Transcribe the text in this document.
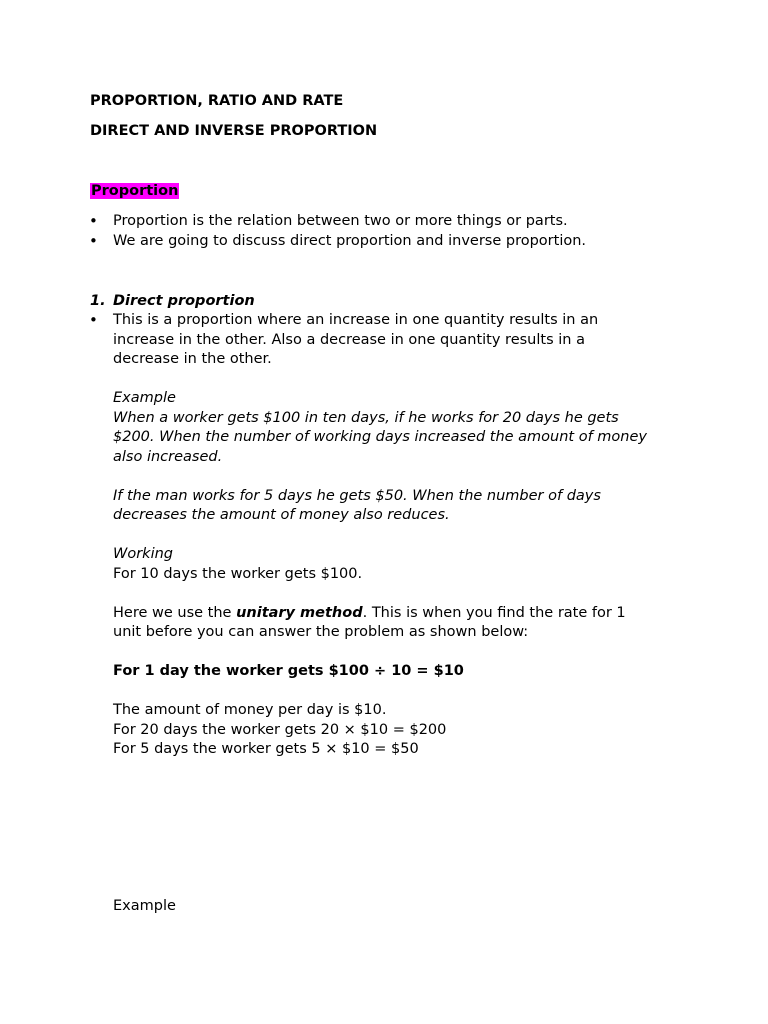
PROPORTION, RATIO AND RATE

DIRECT AND INVERSE PROPORTION

Proportion

• Proportion is the relation between two or more things or parts.

• We are going to discuss direct proportion and inverse proportion.

1. Direct proportion

• This is a proportion where an increase in one quantity results in an

increase in the other. Also a decrease in one quantity results in a

decrease in the other.

Example

When a worker gets $100 in ten days, if he works for 20 days he gets

$200. When the number of working days increased the amount of money

also increased.

If the man works for 5 days he gets $50. When the number of days

decreases the amount of money also reduces.

Working

For 10 days the worker gets $100.

Here we use the unitary method. This is when you find the rate for 1

unit before you can answer the problem as shown below:

For 1 day the worker gets $100 ÷ 10 = $10

The amount of money per day is $10.

For 20 days the worker gets 20 × $10 = $200

For 5 days the worker gets 5 × $10 = $50

Example
